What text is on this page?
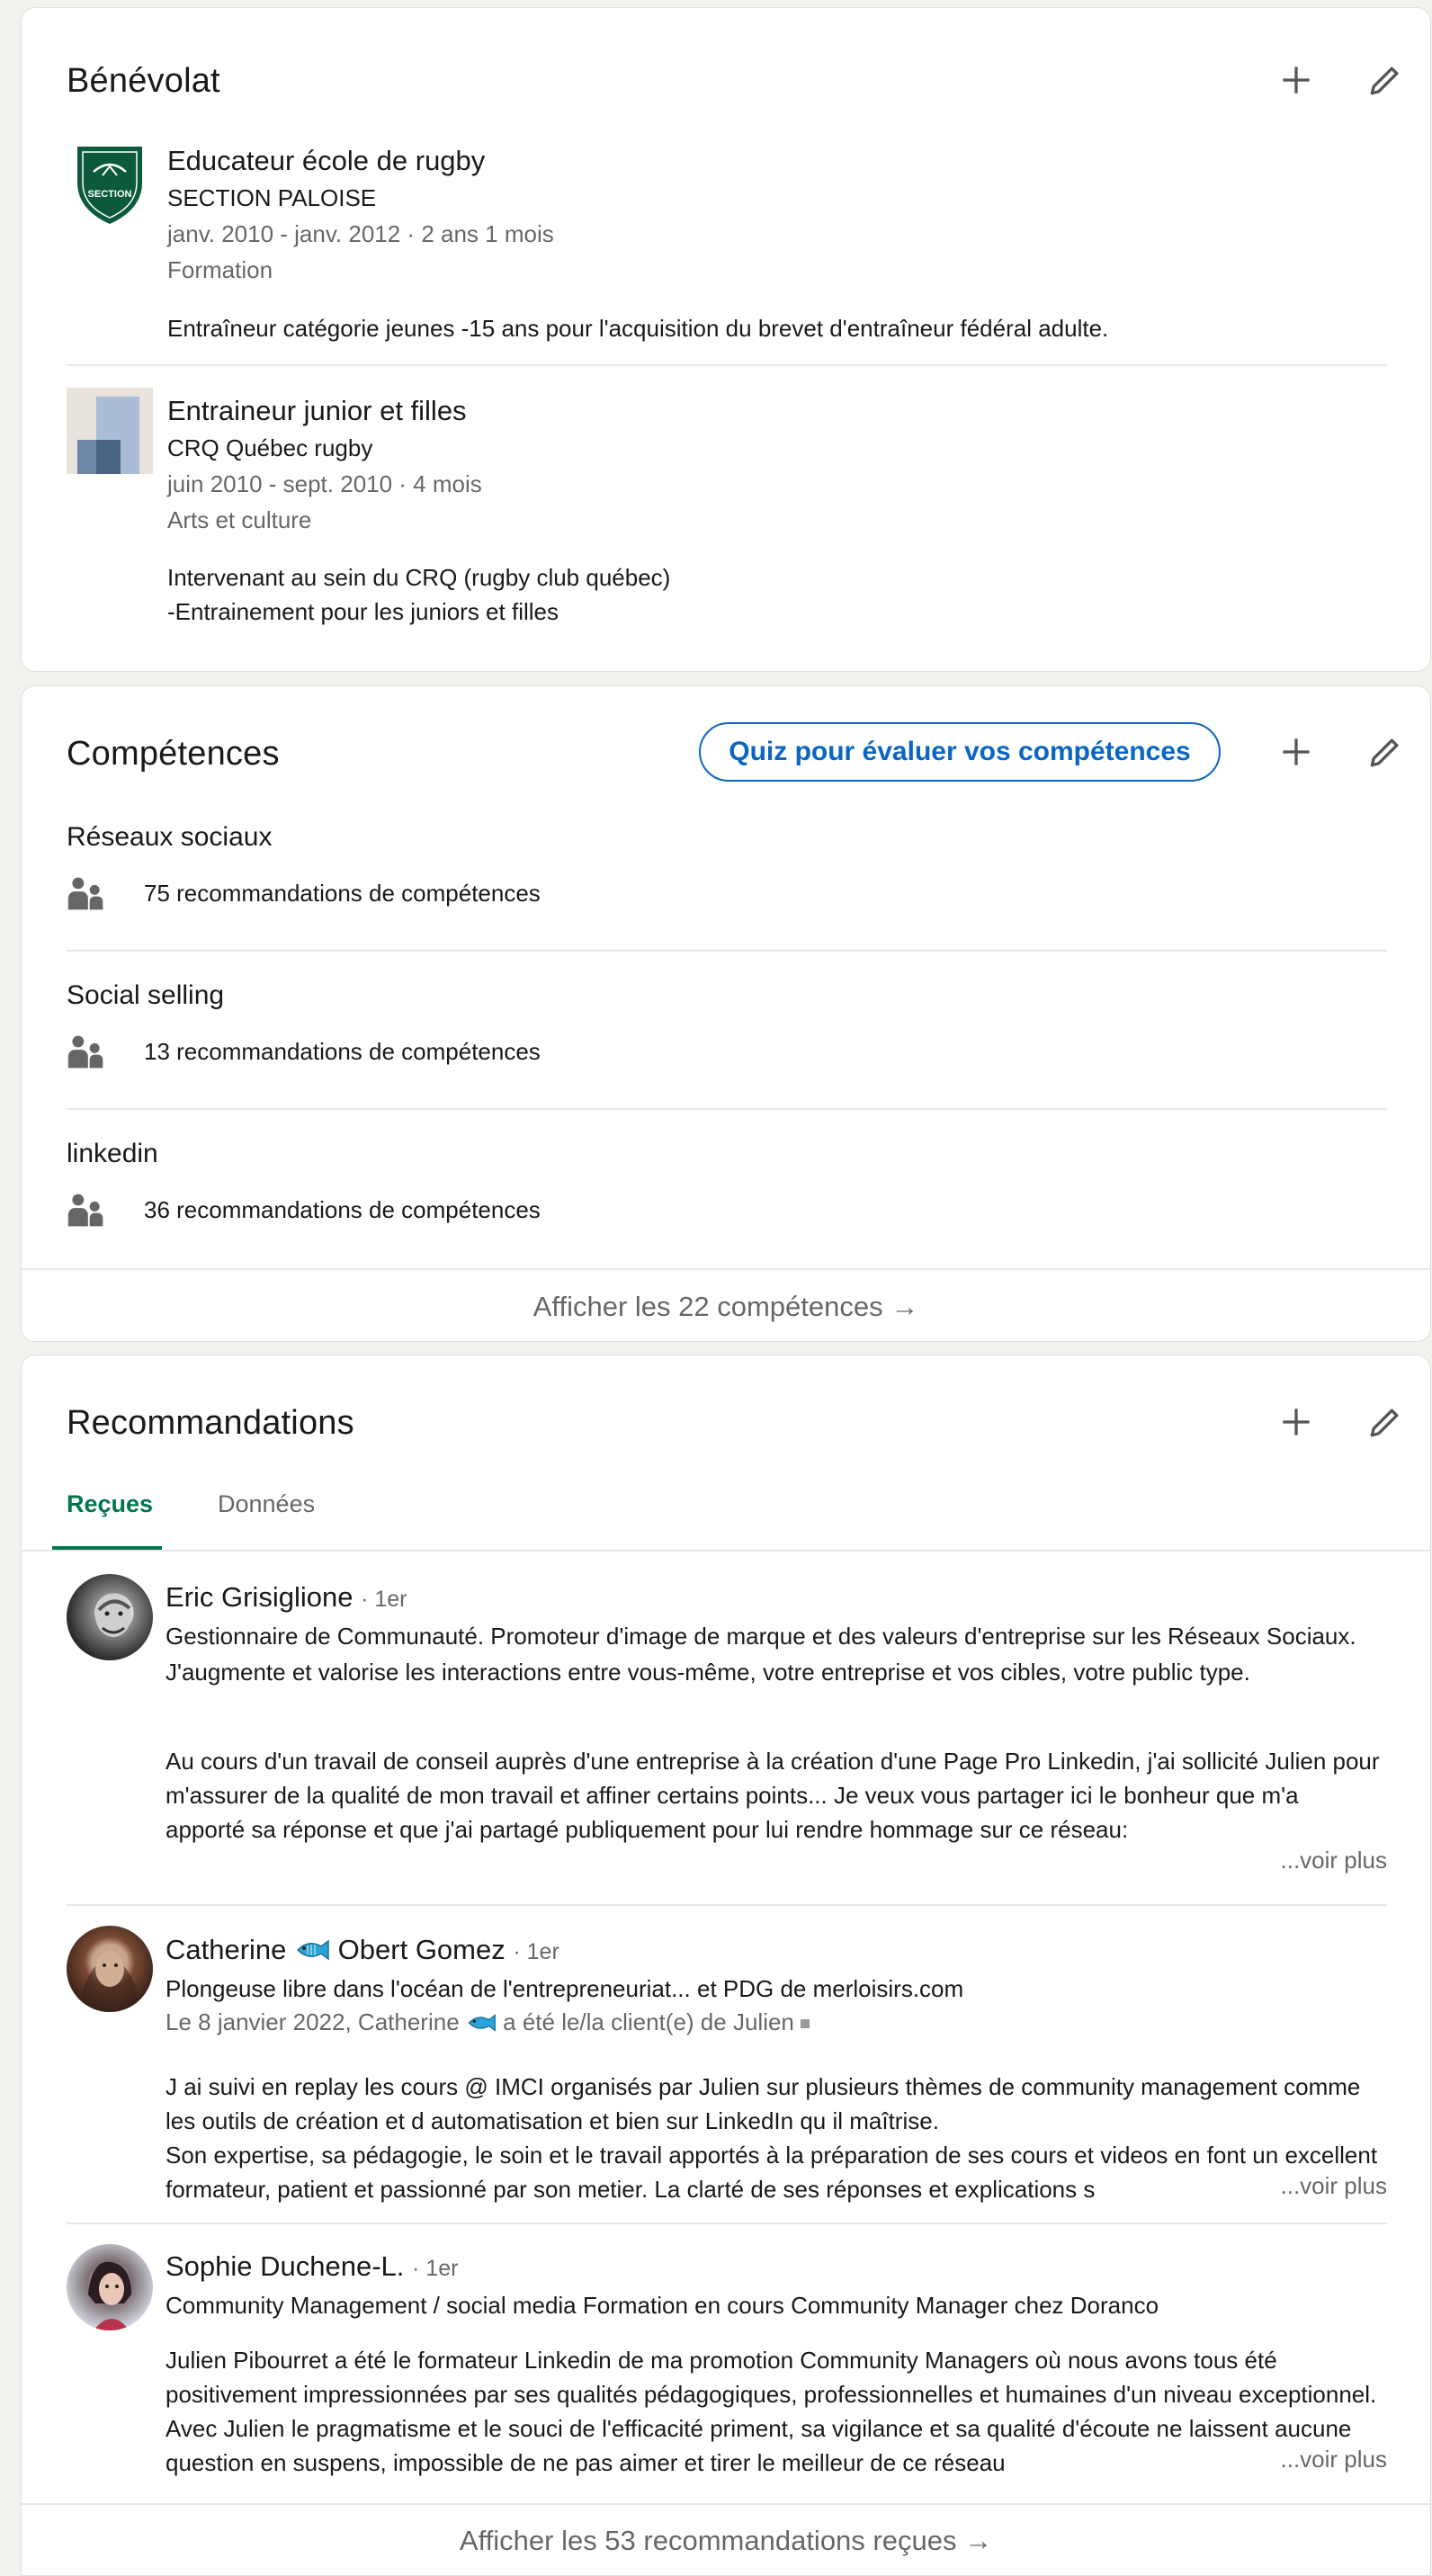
Bénévolat
SECTION
Educateur école de rugby
SECTION PALOISE
janv. 2010 - janv. 2012 · 2 ans 1 mois
Formation
Entraîneur catégorie jeunes -15 ans pour l'acquisition du brevet d'entraîneur fédéral adulte.
Entraineur junior et filles
CRQ Québec rugby
juin 2010 - sept. 2010 · 4 mois
Arts et culture
Intervenant au sein du CRQ (rugby club québec)
-Entrainement pour les juniors et filles
Compétences	Quiz pour évaluer vos compétences
Réseaux sociaux
75 recommandations de compétences
Social selling
13 recommandations de compétences
linkedin
36 recommandations de compétences
Afficher les 22 compétences →
Recommandations
Reçues	Données
Eric Grisiglione · 1er
Gestionnaire de Communauté. Promoteur d'image de marque et des valeurs d'entreprise sur les Réseaux Sociaux. J'augmente et valorise les interactions entre vous-même, votre entreprise et vos cibles, votre public type.
Au cours d'un travail de conseil auprès d'une entreprise à la création d'une Page Pro Linkedin, j'ai sollicité Julien pour m'assurer de la qualité de mon travail et affiner certains points... Je veux vous partager ici le bonheur que m'a apporté sa réponse et que j'ai partagé publiquement pour lui rendre hommage sur ce réseau:
...voir plus
Catherine Obert Gomez · 1er
Plongeuse libre dans l'océan de l'entrepreneuriat... et PDG de merloisirs.com
Le 8 janvier 2022, Catherine a été le/la client(e) de Julien
J ai suivi en replay les cours @ IMCI organisés par Julien sur plusieurs thèmes de community management comme les outils de création et d automatisation et bien sur LinkedIn qu il maîtrise.
Son expertise, sa pédagogie, le soin et le travail apportés à la préparation de ses cours et videos en font un excellent formateur, patient et passionné par son metier. La clarté de ses réponses et explications s	...voir plus
Sophie Duchene-L. · 1er
Community Management / social media Formation en cours Community Manager chez Doranco
Julien Pibourret a été le formateur Linkedin de ma promotion Community Managers où nous avons tous été positivement impressionnées par ses qualités pédagogiques, professionnelles et humaines d'un niveau exceptionnel. Avec Julien le pragmatisme et le souci de l'efficacité priment, sa vigilance et sa qualité d'écoute ne laissent aucune question en suspens, impossible de ne pas aimer et tirer le meilleur de ce réseau	...voir plus
Afficher les 53 recommandations reçues →
